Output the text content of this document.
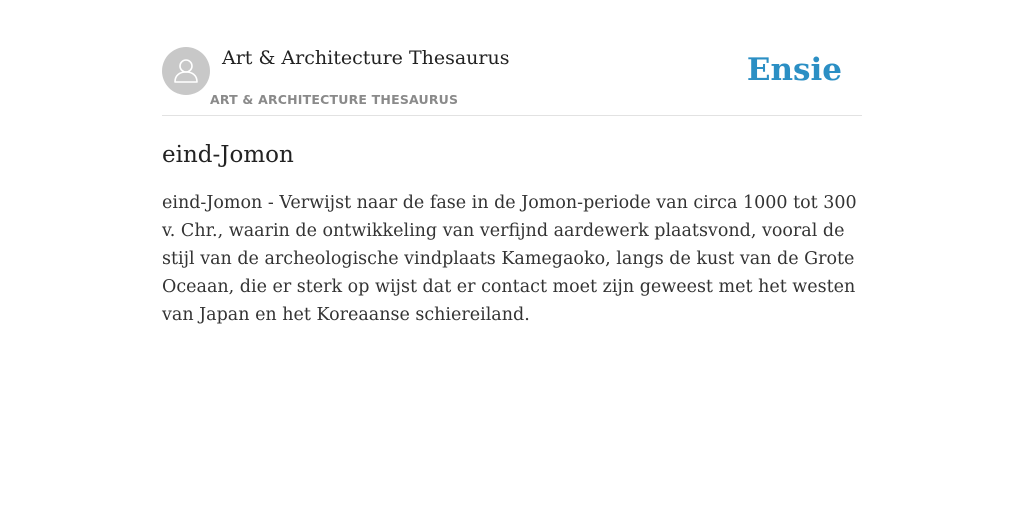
Art & Architecture Thesaurus
ART & ARCHITECTURE THESAURUS
Ensie
eind-Jomon

eind-Jomon - Verwijst naar de fase in de Jomon-periode van circa 1000 tot 300 v. Chr., waarin de ontwikkeling van verfijnd aardewerk plaatsvond, vooral de stijl van de archeologische vindplaats Kamegaoko, langs de kust van de Grote Oceaan, die er sterk op wijst dat er contact moet zijn geweest met het westen van Japan en het Koreaanse schiereiland.
